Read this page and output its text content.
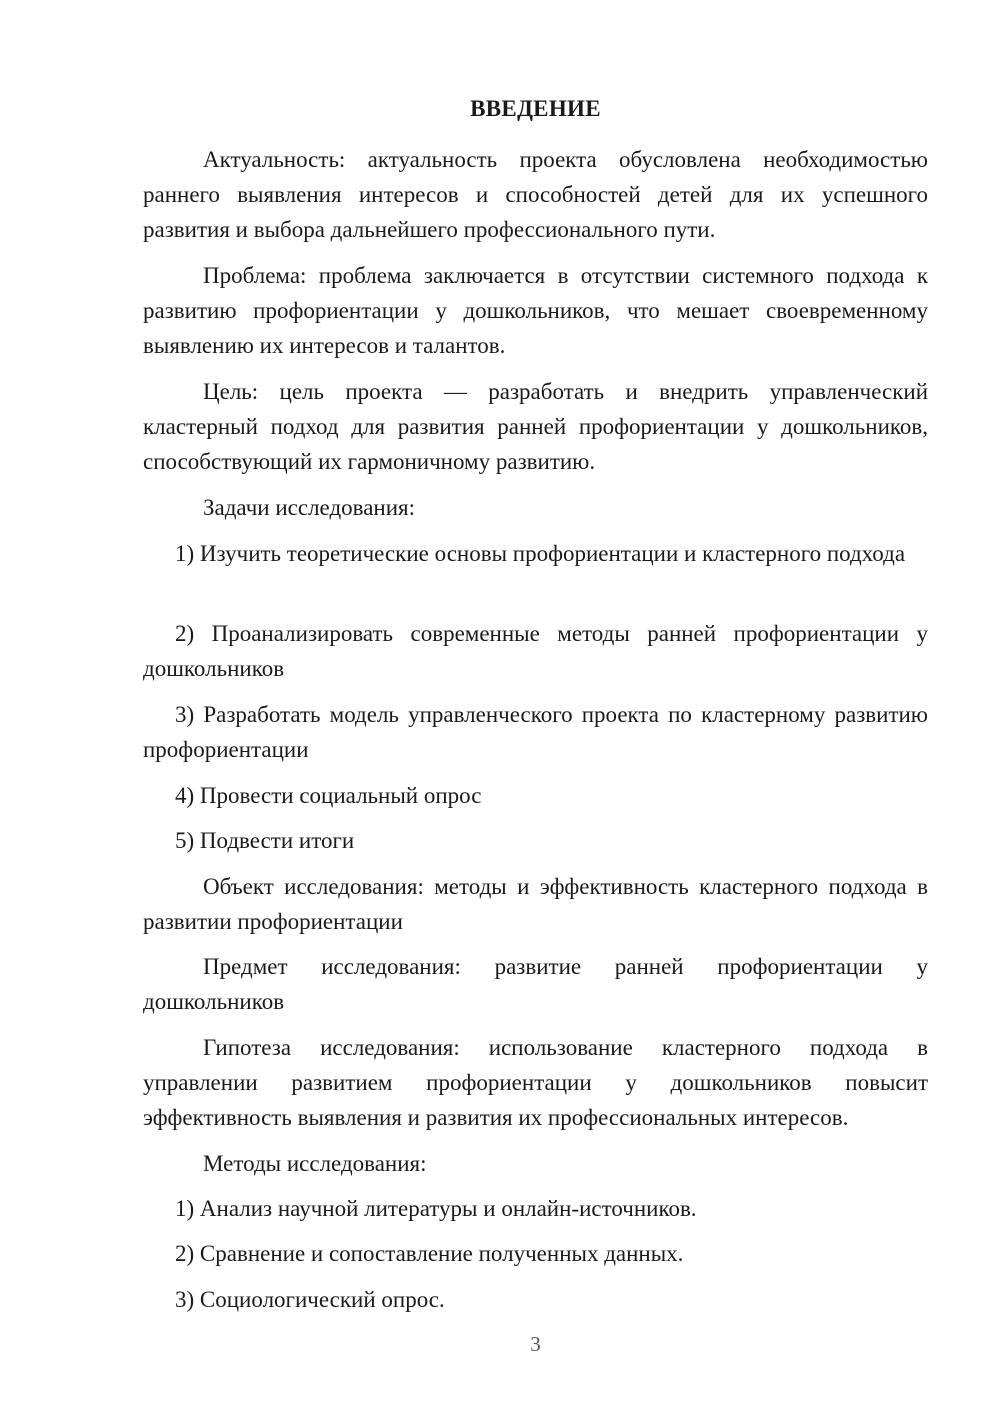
ВВЕДЕНИЕ

Актуальность: актуальность проекта обусловлена необходимостью раннего выявления интересов и способностей детей для их успешного развития и выбора дальнейшего профессионального пути.

Проблема: проблема заключается в отсутствии системного подхода к развитию профориентации у дошкольников, что мешает своевременному выявлению их интересов и талантов.

Цель: цель проекта — разработать и внедрить управленческий кластерный подход для развития ранней профориентации у дошкольников, способствующий их гармоничному развитию.

Задачи исследования:

1) Изучить теоретические основы профориентации и кластерного подхода

2) Проанализировать современные методы ранней профориентации у дошкольников

3) Разработать модель управленческого проекта по кластерному развитию профориентации

4) Провести социальный опрос

5) Подвести итоги

Объект исследования: методы и эффективность кластерного подхода в развитии профориентации

Предмет исследования: развитие ранней профориентации у дошкольников

Гипотеза исследования: использование кластерного подхода в управлении развитием профориентации у дошкольников повысит эффективность выявления и развития их профессиональных интересов.

Методы исследования:

1) Анализ научной литературы и онлайн-источников.

2) Сравнение и сопоставление полученных данных.

3) Социологический опрос.

3
